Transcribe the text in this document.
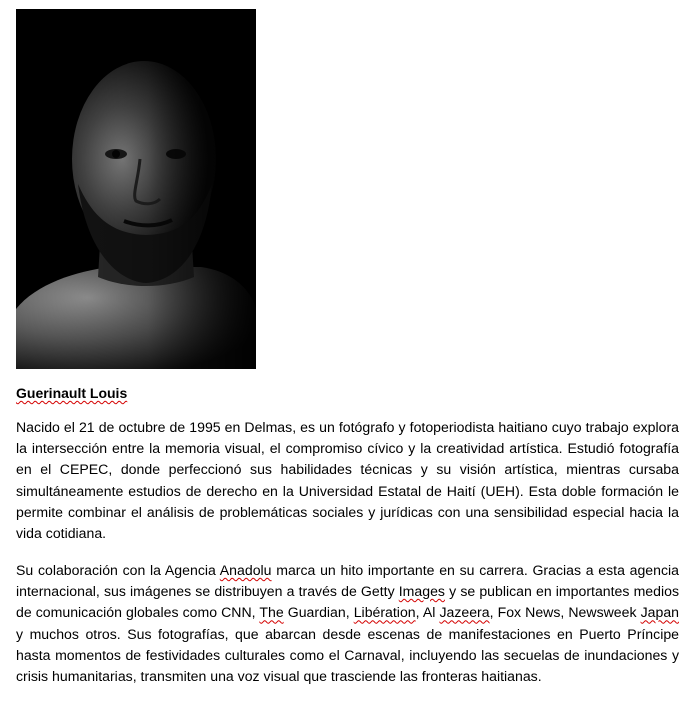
Guerinault Louis

Nacido el 21 de octubre de 1995 en Delmas, es un fotógrafo y fotoperiodista haitiano cuyo trabajo explora la intersección entre la memoria visual, el compromiso cívico y la creatividad artística. Estudió fotografía en el CEPEC, donde perfeccionó sus habilidades técnicas y su visión artística, mientras cursaba simultáneamente estudios de derecho en la Universidad Estatal de Haití (UEH). Esta doble formación le permite combinar el análisis de problemáticas sociales y jurídicas con una sensibilidad especial hacia la vida cotidiana.

Su colaboración con la Agencia Anadolu marca un hito importante en su carrera. Gracias a esta agencia internacional, sus imágenes se distribuyen a través de Getty Images y se publican en importantes medios de comunicación globales como CNN, The Guardian, Libération, Al Jazeera, Fox News, Newsweek Japan y muchos otros. Sus fotografías, que abarcan desde escenas de manifestaciones en Puerto Príncipe hasta momentos de festividades culturales como el Carnaval, incluyendo las secuelas de inundaciones y crisis humanitarias, transmiten una voz visual que trasciende las fronteras haitianas.
